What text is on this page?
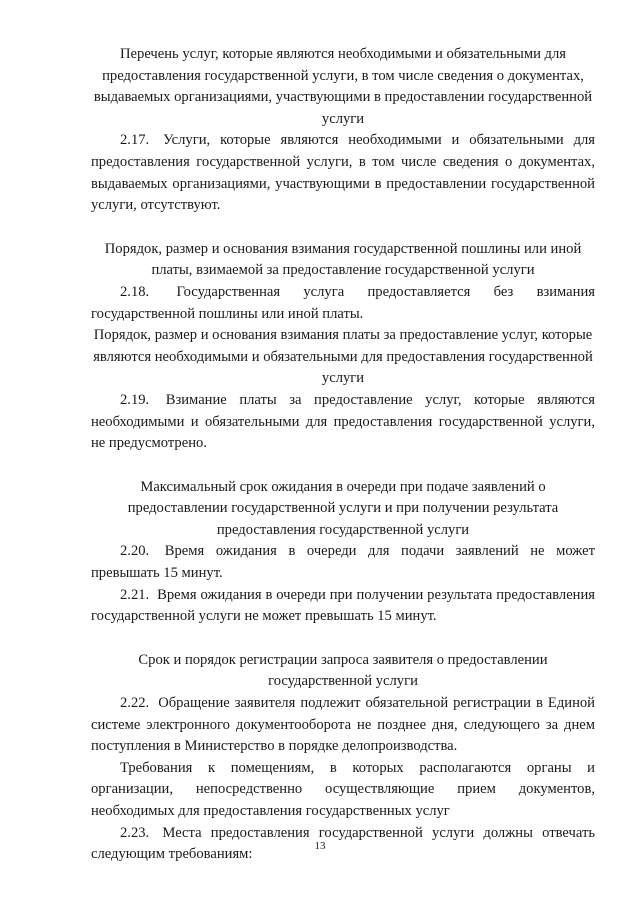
Перечень услуг, которые являются необходимыми и обязательными для предоставления государственной услуги, в том числе сведения о документах, выдаваемых организациями, участвующими в предоставлении государственной услуги

2.17. Услуги, которые являются необходимыми и обязательными для предоставления государственной услуги, в том числе сведения о документах, выдаваемых организациями, участвующими в предоставлении государственной услуги, отсутствуют.

Порядок, размер и основания взимания государственной пошлины или иной платы, взимаемой за предоставление государственной услуги

2.18. Государственная услуга предоставляется без взимания государственной пошлины или иной платы.

Порядок, размер и основания взимания платы за предоставление услуг, которые являются необходимыми и обязательными для предоставления государственной услуги

2.19. Взимание платы за предоставление услуг, которые являются необходимыми и обязательными для предоставления государственной услуги, не предусмотрено.

Максимальный срок ожидания в очереди при подаче заявлений о предоставлении государственной услуги и при получении результата предоставления государственной услуги

2.20. Время ожидания в очереди для подачи заявлений не может превышать 15 минут.

2.21. Время ожидания в очереди при получении результата предоставления государственной услуги не может превышать 15 минут.

Срок и порядок регистрации запроса заявителя о предоставлении государственной услуги

2.22. Обращение заявителя подлежит обязательной регистрации в Единой системе электронного документооборота не позднее дня, следующего за днем поступления в Министерство в порядке делопроизводства.

Требования к помещениям, в которых располагаются органы и организации, непосредственно осуществляющие прием документов, необходимых для предоставления государственных услуг

2.23. Места предоставления государственной услуги должны отвечать следующим требованиям:

13
